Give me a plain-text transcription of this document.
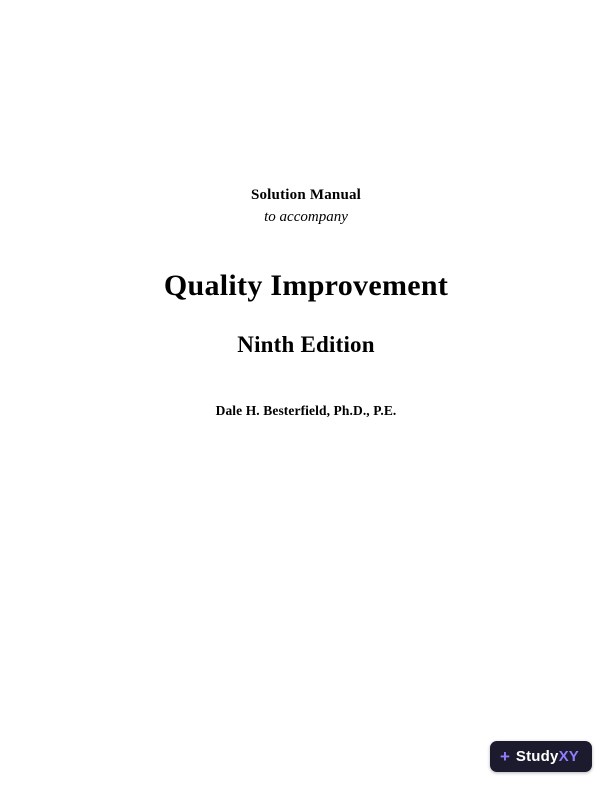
Solution Manual
to accompany
Quality Improvement
Ninth Edition
Dale H. Besterfield, Ph.D., P.E.
+ StudyXY
